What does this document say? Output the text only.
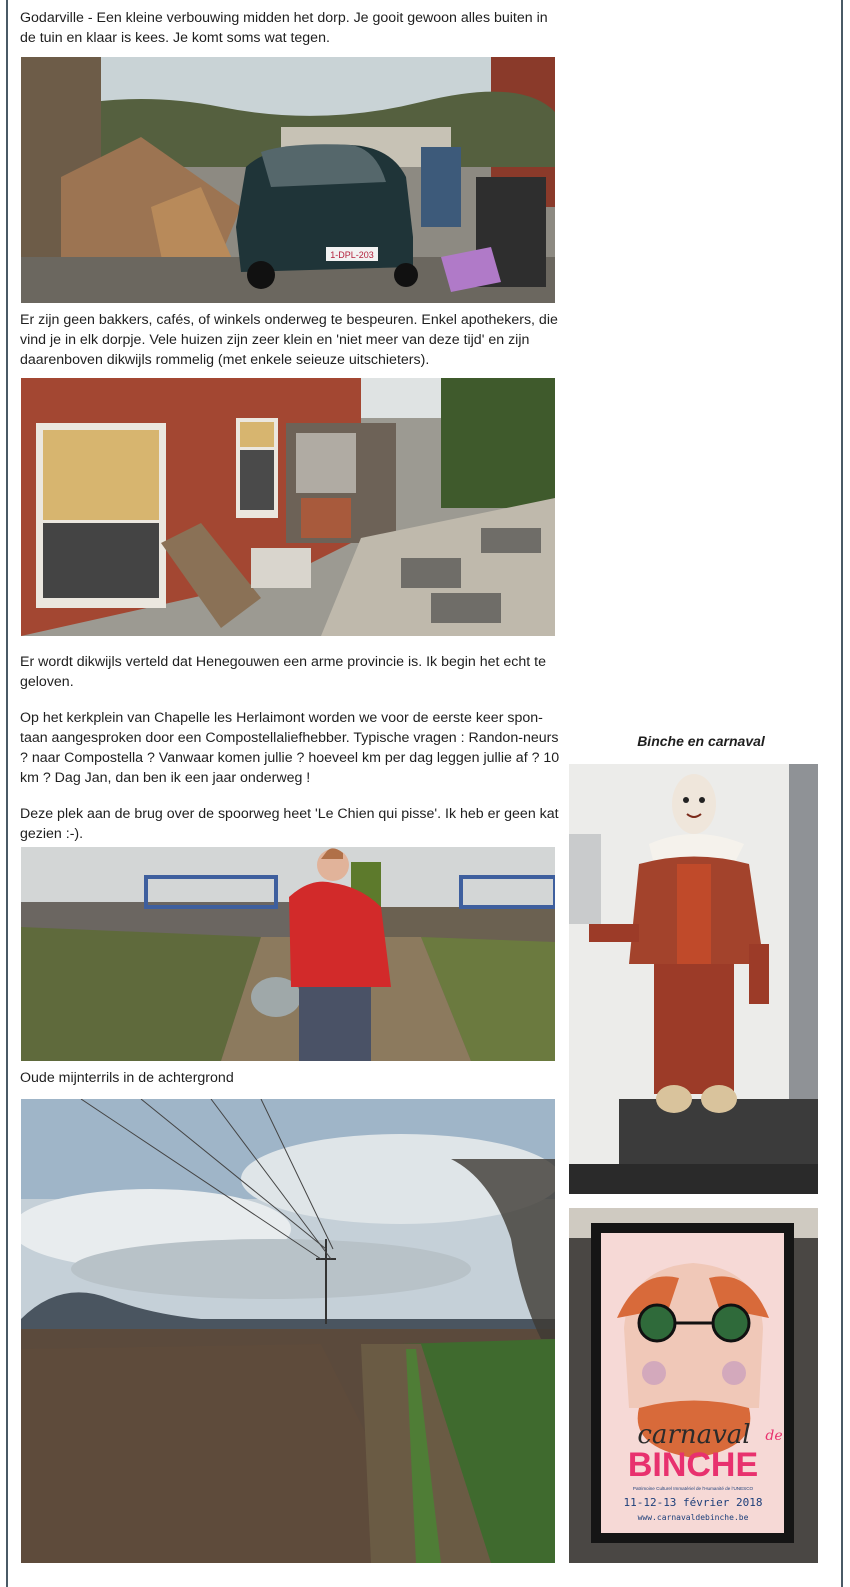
Godarville - Een kleine verbouwing midden het dorp. Je gooit gewoon alles buiten in de tuin en klaar is kees. Je komt soms wat tegen.

1-DPL-203

Er zijn geen bakkers, cafés, of winkels onderweg te bespeuren. Enkel apothekers, die vind je in elk dorpje. Vele huizen zijn zeer klein en 'niet meer van deze tijd' en zijn daarenboven dikwijls rommelig (met enkele seieuze uitschieters).

Er wordt dikwijls verteld dat Henegouwen een arme provincie is. Ik begin het echt te geloven.

Op het kerkplein van Chapelle les Herlaimont worden we voor de eerste keer spon-taan aangesproken door een Compostellaliefhebber. Typische vragen : Randon-neurs ? naar Compostella ? Vanwaar komen jullie ? hoeveel km per dag leggen jullie af ? 10 km ? Dag Jan, dan ben ik een jaar onderweg !

Deze plek aan de brug over de spoorweg heet 'Le Chien qui pisse'. Ik heb er geen kat gezien :-).

Oude mijnterrils in de achtergrond

Binche en carnaval
carnaval de
BINCHE
Patrimoine Culturel Immatériel de l'Humanité de l'UNESCO
11-12-13 février 2018
www.carnavaldebinche.be
